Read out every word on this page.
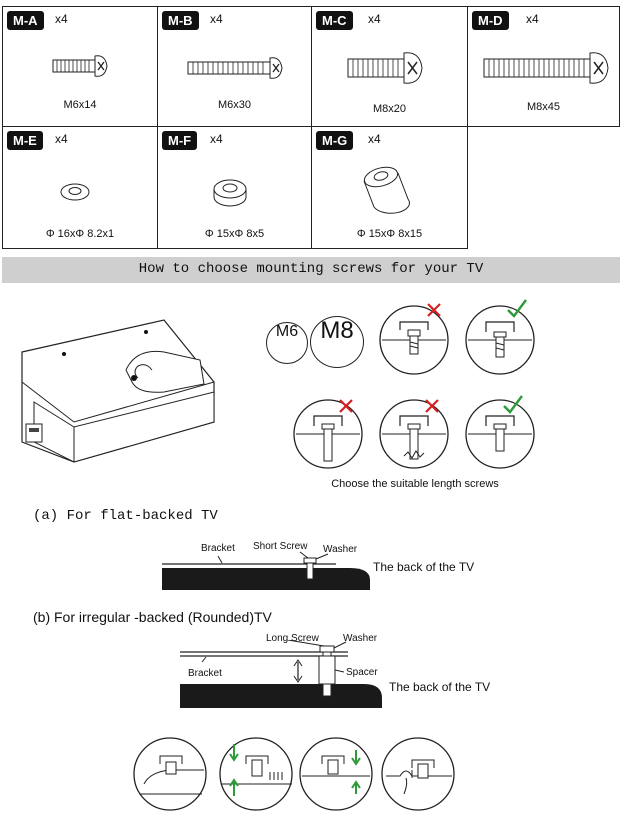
M-A	x4
M6x14
M-B	x4
M6x30
M-C	x4
M8x20
M-D	x4
M8x45
M-E	x4
Φ 16xΦ 8.2x1
M-F	x4
Φ 15xΦ 8x5
M-G	x4
Φ 15xΦ 8x15
How to choose mounting screws for your TV
M6 M8
Choose the suitable length screws
(a) For flat-backed TV
Bracket Short Screw Washer
The back of the TV
(b) For irregular -backed (Rounded)TV
Long Screw Washer
Bracket	Spacer
The back of the TV
